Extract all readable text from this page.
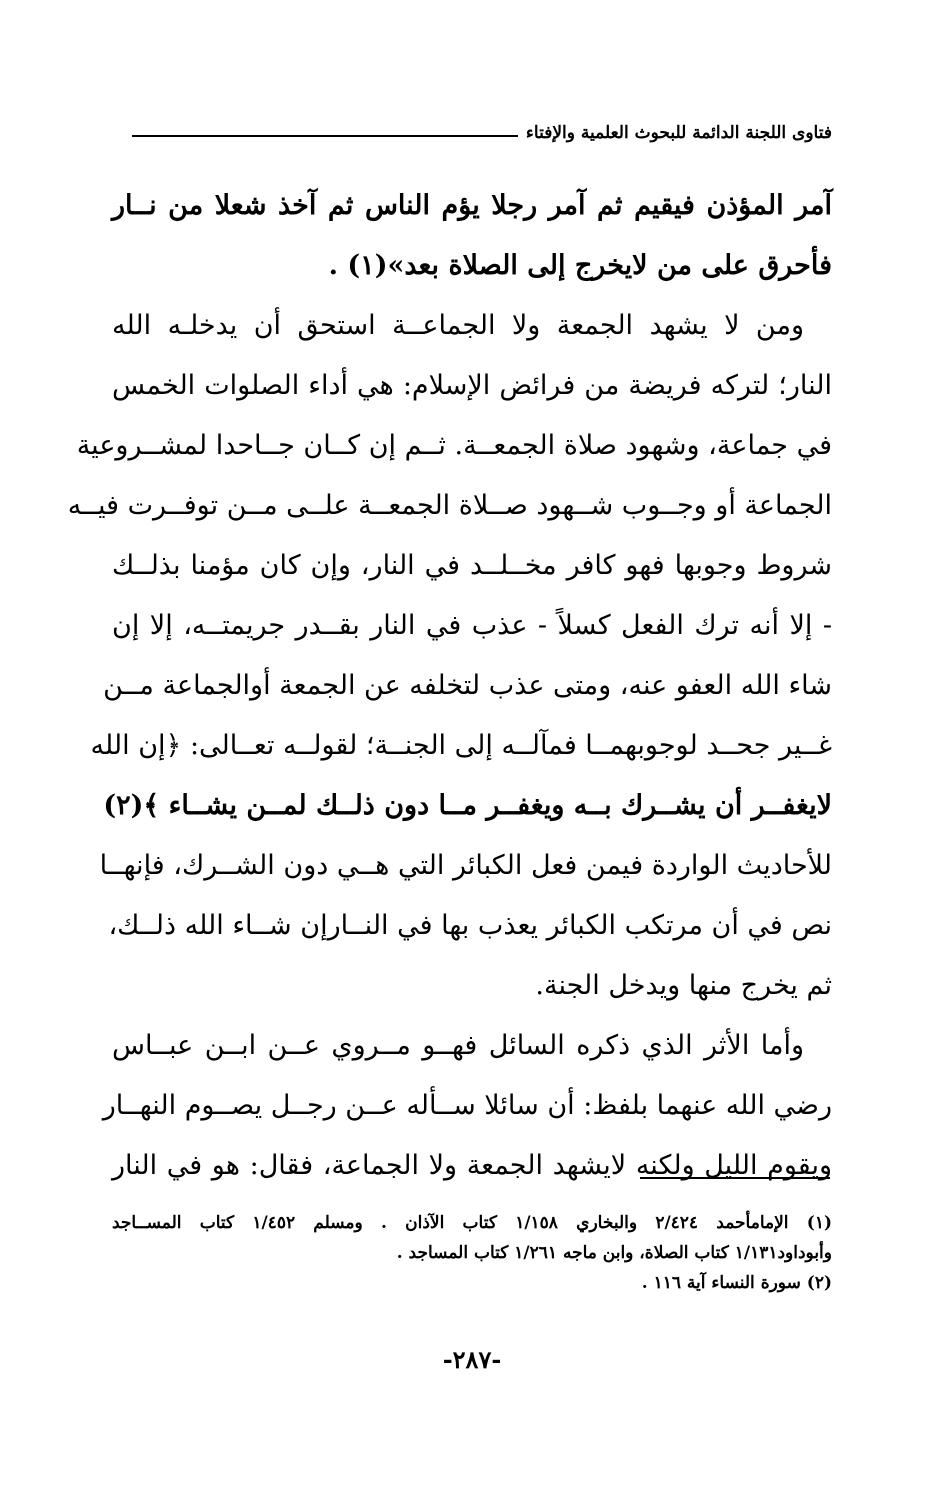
فتاوى اللجنة الدائمة للبحوث العلمية والإفتاء
آمر المؤذن فيقيم ثم آمر رجلا يؤم الناس ثم آخذ شعلا من نــار
فأحرق على من لايخرج إلى الصلاة بعد»(١) .
ومن لا يشهد الجمعة ولا الجماعــة استحق أن يدخلـه الله
النار؛ لتركه فريضة من فرائض الإسلام: هي أداء الصلوات الخمس
في جماعة، وشهود صلاة الجمعــة. ثــم إن كــان جــاحدا لمشــروعية
الجماعة أو وجــوب شــهود صــلاة الجمعــة علــى مــن توفــرت فيــه
شروط وجوبها فهو كافر مخــلــد في النار، وإن كان مؤمنا بذلــك
- إلا أنه ترك الفعل كسلاً - عذب في النار بقــدر جريمتــه، إلا إن
شاء الله العفو عنه، ومتى عذب لتخلفه عن الجمعة أوالجماعة مــن
غــير جحــد لوجوبهمــا فمآلــه إلى الجنــة؛ لقولــه تعــالى: ﴿إن الله
لايغفــر أن يشــرك بــه ويغفــر مــا دون ذلــك لمــن يشــاء ﴾(٢)
للأحاديث الواردة فيمن فعل الكبائر التي هــي دون الشــرك، فإنهــا
نص في أن مرتكب الكبائر يعذب بها في النــارإن شــاء الله ذلــك،
ثم يخرج منها ويدخل الجنة.
وأما الأثر الذي ذكره السائل فهــو مــروي عــن ابــن عبــاس
رضي الله عنهما بلفظ: أن سائلا ســأله عــن رجــل يصــوم النهــار
ويقوم الليل ولكنه لايشهد الجمعة ولا الجماعة، فقال: هو في النار
(١) الإمامأحمد ٢/٤٢٤ والبخاري ١/١٥٨ كتاب الآذان . ومسلم ١/٤٥٢ كتاب المســاجد
وأبوداود١/١٣١ كتاب الصلاة، وابن ماجه ١/٢٦١ كتاب المساجد .
(٢) سورة النساء آية ١١٦ .
-٢٨٧-
